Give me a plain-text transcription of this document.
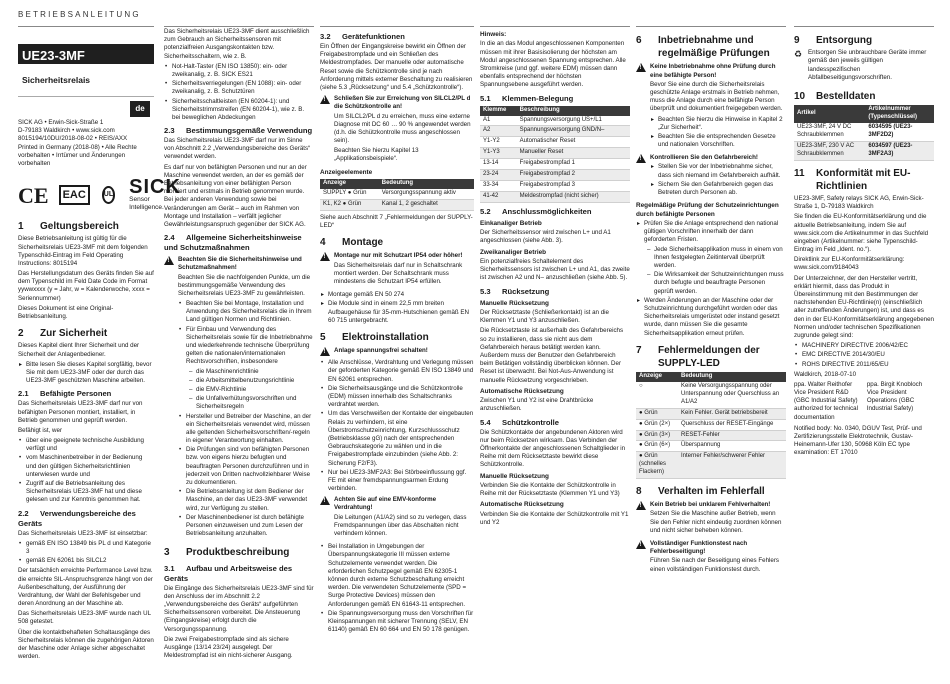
BETRIEBSANLEITUNG
UE23-3MF
Sicherheitsrelais
SICK AG • Erwin-Sick-Straße 1
D-79183 Waldkirch • www.sick.com
8015194/10DU/2018-08-02 • REIS/AXX
Printed in Germany (2018-08) • Alle Rechte
vorbehalten • Irrtümer und Änderungen
vorbehalten
CE	EAC	UL SICK
Sensor Intelligence.
1 Geltungsbereich

Diese Betriebsanleitung ist gültig für die Sicherheitsrelais UE23-3MF mit dem folgenden Typenschild-Eintrag im Feld Operating Instructions: 8015194

Das Herstellungsdatum des Geräts finden Sie auf dem Typenschild im Feld Date Code im Format yywwxxxx (y = Jahr, w = Kalenderwoche, xxxx = Seriennummer)

Dieses Dokument ist eine Original-Betriebsanleitung.

2 Zur Sicherheit

Dieses Kapitel dient Ihrer Sicherheit und der Sicherheit der Anlagenbediener.

▸ Bitte lesen Sie dieses Kapitel sorgfältig, bevor Sie mit dem UE23-3MF oder der durch das UE23-3MF geschützten Maschine arbeiten.
2.1 Befähigte Personen

Das Sicherheitsrelais UE23-3MF darf nur von befähigten Personen montiert, installiert, in Betrieb genommen und geprüft werden.

Befähigt ist, wer

• über eine geeignete technische Ausbildung verfügt und
• vom Maschinenbetreiber in der Bedienung und den gültigen Sicherheitsrichtlinien unterwiesen wurde und
• Zugriff auf die Betriebsanleitung des Sicherheitsrelais UE23-3MF hat und diese gelesen und zur Kenntnis genommen hat.
2.2 Verwendungsbereiche des Geräts

Das Sicherheitsrelais UE23-3MF ist einsetzbar:

• gemäß EN ISO 13849 bis PL d und Kategorie 3
• gemäß EN 62061 bis SILCL2

Der tatsächlich erreichte Performance Level bzw. die erreichte SIL-Anspruchsgrenze hängt von der Außenbeschaltung, der Ausführung der Verdrahtung, der Wahl der Befehlsgeber und deren Anordnung an der Maschine ab.

Das Sicherheitsrelais UE23-3MF wurde nach UL 508 getestet.

Über die kontaktbehafteten Schaltausgänge des Sicherheitsrelais können die zugehörigen Aktoren der Maschine oder Anlage sicher abgeschaltet werden.

de

Das Sicherheitsrelais UE23-3MF dient ausschließlich zum Gebrauch an Sicherheitssensoren mit potenzialfreien Ausgangskontakten bzw. Sicherheitsschaltern, wie z. B.

• Not-Halt-Taster (EN ISO 13850): ein- oder zweikanalig, z. B. SICK ES21
• Sicherheitsverriegelungen (EN 1088): ein- oder zweikanalig, z. B. Schutztüren
• Sicherheitsschaltleisten (EN 60204-1): und Sicherheitstrimmstreifen (EN 60204-1), wie z. B. bei beweglichen Abdeckungen
2.3 Bestimmungsgemäße Verwendung

Das Sicherheitsrelais UE23-3MF darf nur im Sinne von Abschnitt 2.2 „Verwendungsbereiche des Geräts“ verwendet werden.

Es darf nur von befähigten Personen und nur an der Maschine verwendet werden, an der es gemäß der Betriebsanleitung von einer befähigten Person montiert und erstmals in Betrieb genommen wurde. Bei jeder anderen Verwendung sowie bei Veränderungen am Gerät – auch im Rahmen von Montage und Installation – verfällt jeglicher Gewährleistungsanspruch gegenüber der SICK AG.

2.4 Allgemeine Sicherheitshinweise und Schutzmaßnahmen
!
Beachten Sie die Sicherheitshinweise und Schutzmaßnahmen!

Beachten Sie die nachfolgenden Punkte, um die bestimmungsgemäße Verwendung des Sicherheitsrelais UE23-3MF zu gewährleisten.

• Beachten Sie bei Montage, Installation und Anwendung des Sicherheitsrelais die in Ihrem Land gültigen Normen und Richtlinien.
• Für Einbau und Verwendung des Sicherheitsrelais sowie für die Inbetriebnahme und wiederkehrende technische Überprüfung gelten die nationalen/internationalen Rechtsvorschriften, insbesondere
– die Maschinenrichtlinie
– die Arbeitsmittelbenutzungsrichtlinie
– die EMV-Richtlinie
– die Unfallverhütungsvorschriften und Sicherheitsregeln
• Hersteller und Betreiber der Maschine, an der ein Sicherheitsrelais verwendet wird, müssen alle geltenden Sicherheitsvorschriften/-regeln in eigener Verantwortung einhalten.
• Die Prüfungen sind von befähigten Personen bzw. von eigens hierzu befugten und beauftragten Personen durchzuführen und in jederzeit von Dritten nachvollziehbarer Weise zu dokumentieren.
• Die Betriebsanleitung ist dem Bediener der Maschine, an der das UE23-3MF verwendet wird, zur Verfügung zu stellen.
• Der Maschinenbediener ist durch befähigte Personen einzuweisen und zum Lesen der Betriebsanleitung anzuhalten.
3 Produktbeschreibung
3.1 Aufbau und Arbeitsweise des Geräts

Die Eingänge des Sicherheitsrelais UE23-3MF sind für den Anschluss der im Abschnitt 2.2 „Verwendungsbereiche des Geräts“ aufgeführten Sicherheitssensoren vorbereitet. Die Ansteuerung (Eingangskreise) erfolgt durch die Versorgungsspannung.

Die zwei Freigabestrompfade sind als sichere Ausgänge (13/14 23/24) ausgelegt. Der Meldestrompfad ist ein nicht-sicherer Ausgang.

3.2 Gerätefunktionen

Ein Öffnen der Eingangskreise bewirkt ein Öffnen der Freigabestrompfade und ein Schließen des Meldestrompfades. Der manuelle oder automatische Reset sowie die Schützkontrolle sind je nach Anforderung mittels externer Beschaltung zu realisieren (siehe 5.3 „Rücksetzung“ und 5.4 „Schützkontrolle“).

!
Schließen Sie zur Erreichung von SILCL2/PL d die Schützkontrolle an!

Um SILCL2/PL d zu erreichen, muss eine externe Diagnose mit DC 60 … 90 % angewendet werden (d.h. die Schützkontrolle muss angeschlossen sein).

Beachten Sie hierzu Kapitel 13 „Applikationsbeispiele“.

Anzeigeelemente
Anzeige	Bedeutung
SUPPLY ● Grün	Versorgungsspannung aktiv
K1, K2 ● Grün	Kanal 1, 2 geschaltet

Siehe auch Abschnitt 7 „Fehlermeldungen der SUPPLY-LED“

4 Montage
!
Montage nur mit Schutzart IP54 oder höher!

Das Sicherheitsrelais darf nur in Schaltschrank montiert werden. Der Schaltschrank muss mindestens die Schutzart IP54 erfüllen.

▸ Montage gemäß EN 50 274
▸ Die Module sind in einem 22,5 mm breiten Aufbaugehäuse für 35-mm-Hutschienen gemäß EN 60 715 untergebracht.
5 Elektroinstallation
!
Anlage spannungsfrei schalten!
• Alle Anschlüsse, Verdrahtung und Verlegung müssen der geforderten Kategorie gemäß EN ISO 13849 und EN 62061 entsprechen.
• Die Sicherheitsausgänge und die Schützkontrolle (EDM) müssen innerhalb des Schaltschranks verdrahtet werden.
• Um das Verschweißen der Kontakte der eingebauten Relais zu verhindern, ist eine Überstromschutzeinrichtung, Kurzschlussschutz (Betriebsklasse gG) nach der entsprechenden Gebrauchskategorie zu wählen und in die Freigabestrompfade einzubinden (siehe Abb. 2: Sicherung F2/F3).
• Nur bei UE23-3MF2A3: Bei Störbeeinflussung ggf. FE mit einer fremdspannungsarmen Erdung verbinden.
!
Achten Sie auf eine EMV-konforme Verdrahtung!

Die Leitungen (A1/A2) sind so zu verlegen, dass Fremdspannungen über das Abschalten nicht verhindern können.

• Bei Installation in Umgebungen der Überspannungskategorie III müssen externe Schutzelemente verwendet werden. Die erforderlichen Schutzpegel gemäß EN 62305-1 können durch externe Schutzbeschaltung erreicht werden. Die verwendeten Schutzelemente (SPD = Surge Protective Devices) müssen den Anforderungen gemäß EN 61643-11 entsprechen.
• Die Spannungsversorgung muss den Vorschriften für Kleinspannungen mit sicherer Trennung (SELV, EN 61140) gemäß EN 60 664 und EN 50 178 genügen.
Hinweis:

In die an das Modul angeschlossenen Komponenten müssen mit ihrer Basisisolierung der höchsten am Modul angeschlossenen Spannung entsprechen. Alle Stromkreise (und ggf. weitere EDM) müssen dann ebenfalls entsprechend der höchsten Spannungsebene ausgeführt werden.

5.1 Klemmen-Belegung
Klemme	Beschreibung
A1	Spannungsversorgung US+/L1
A2	Spannungsversorgung GND/N–
Y1-Y2	Automatischer Reset
Y1-Y3	Manueller Reset
13-14	Freigabestrompfad 1
23-24	Freigabestrompfad 2
33-34	Freigabestrompfad 3
41-42	Meldestrompfad (nicht sicher)
5.2 Anschlussmöglichkeiten
Einkanaliger Betrieb

Der Sicherheitssensor wird zwischen L+ und A1 angeschlossen (siehe Abb. 3).

Zweikanaliger Betrieb

Ein potenzialfreies Schaltelement des Sicherheitssensors ist zwischen L+ und A1, das zweite ist zwischen A2 und N– anzuschließen (siehe Abb. 5).

5.3 Rücksetzung
Manuelle Rücksetzung

Der Rücksetztaste (Schließerkontakt) ist an die Klemmen Y1 und Y3 anzuschließen.

Die Rücksetztaste ist außerhalb des Gefahrbereichs so zu installieren, dass sie nicht aus dem Gefahrbereich heraus betätigt werden kann. Außerdem muss der Benutzer den Gefahrbereich beim Betätigen vollständig überblicken können. Der Reset ist überwacht. Bei Not-Aus-Anwendung ist manuelle Rücksetzung vorgeschrieben.

Automatische Rücksetzung

Zwischen Y1 und Y2 ist eine Drahtbrücke anzuschließen.

5.4 Schützkontrolle

Die Schützkontakte der angebundenen Aktoren wird nur beim Rücksetzen wirksam. Das Verbinden der Öffnerkontakte der angeschlossenen Schaltglieder in Reihe mit dem Rücksetztaste bewirkt diese Schützkontrolle.

Manuelle Rücksetzung

Verbinden Sie die Kontakte der Schützkontrolle in Reihe mit der Rücksetztaste (Klemmen Y1 und Y3)

Automatische Rücksetzung

Verbinden Sie die Kontakte der Schützkontrolle mit Y1 und Y2

6	Inbetriebnahme und regelmäßige Prüfungen
!
Keine Inbetriebnahme ohne Prüfung durch eine befähigte Person!

Bevor Sie eine durch die Sicherheitsrelais geschützte Anlage erstmals in Betrieb nehmen, muss die Anlage durch eine befähigte Person überprüft und dokumentiert freigegeben werden.

▸ Beachten Sie hierzu die Hinweise in Kapitel 2 „Zur Sicherheit“.
▸ Beachten Sie die entsprechenden Gesetze und nationalen Vorschriften.
!
Kontrollieren Sie den Gefahrbereich!
▸ Stellen Sie vor der Inbetriebnahme sicher, dass sich niemand im Gefahrbereich aufhält.
▸ Sichern Sie den Gefahrbereich gegen das Betreten durch Personen ab.
Regelmäßige Prüfung der Schutzeinrichtungen durch befähigte Personen
▸ Prüfen Sie die Anlage entsprechend den national gültigen Vorschriften innerhalb der dann geforderten Fristen.
– Jede Sicherheitsapplikation muss in einem von Ihnen festgelegten Zeitintervall überprüft werden.
– Die Wirksamkeit der Schutzeinrichtungen muss durch befugte und beauftragte Personen geprüft werden.
▸ Werden Änderungen an der Maschine oder der Schutzeinrichtung durchgeführt worden oder das Sicherheitsrelais umgerüstet oder instand gesetzt wurde, dann müssen Sie die gesamte Sicherheitsapplikation erneut prüfen.
7	Fehlermeldungen der SUPPLY-LED
Anzeige	Bedeutung
○	Keine Versorgungsspannung oder Unterspannung oder Querschluss an A1/A2
● Grün	Kein Fehler. Gerät betriebsbereit
● Grün (2×)	Querschluss der RESET-Eingänge
● Grün (3×)	RESET-Fehler
● Grün (6×)	Überspannung
● Grün (schnelles Flackern)	Interner Fehler/schwerer Fehler
8 Verhalten im Fehlerfall
!
Kein Betrieb bei unklarem Fehlverhalten!

Setzen Sie die Maschine außer Betrieb, wenn Sie den Fehler nicht eindeutig zuordnen können und nicht sicher beheben können.

!
Vollständiger Funktionstest nach Fehlerbeseitigung!

Führen Sie nach der Beseitigung eines Fehlers einen vollständigen Funktionstest durch.

9 Entsorgung
♻ Entsorgen Sie unbrauchbare Geräte immer gemäß den jeweils gültigen landesspezifischen Abfallbeseitigungsvorschriften.

10 Bestelldaten
Artikel	Artikelnummer (Typenschlüssel)
UE23-3MF, 24 V DC Schraubklemmen	6034595 (UE23-3MF2D2)
UE23-3MF, 230 V AC Schraubklemmen	6034597 (UE23-3MF2A3)
11	Konformität mit EU-Richtlinien

UE23-3MF, Safety relays SICK AG, Erwin-Sick-Straße 1, D-79183 Waldkirch

Sie finden die EU-Konformitätserklärung und die aktuelle Betriebsanleitung, indem Sie auf www.sick.com die Artikelnummer in das Suchfeld eingeben (Artikelnummer: siehe Typenschild-Eintrag im Feld „Ident. no.“).

Direktlink zur EU-Konformitätserklärung: www.sick.com/9184043

Der Unterzeichner, der den Hersteller vertritt, erklärt hiermit, dass das Produkt in Übereinstimmung mit den Bestimmungen der nachstehenden EU-Richtlinie(n) (einschließlich aller zutreffenden Änderungen) ist, und dass es den in der EU-Konformitätserklärung angegebenen Normen und/oder technischen Spezifikationen zugrunde gelegt sind:

• MACHINERY DIRECTIVE 2006/42/EC
• EMC DIRECTIVE 2014/30/EU
• ROHS DIRECTIVE 2011/65/EU

Waldkirch, 2018-07-10

ppa. Walter Reithofer Vice President R&D (GBC Industrial Safety) authorized for technical documentation
ppa. Birgit Knobloch Vice President Operations (GBC Industrial Safety)

Notified body: No. 0340, DGUV Test, Prüf- und Zertifizierungsstelle Elektrotechnik, Gustav-Heinemann-Ufer 130, 50968 Köln EC type examination: ET 17010
